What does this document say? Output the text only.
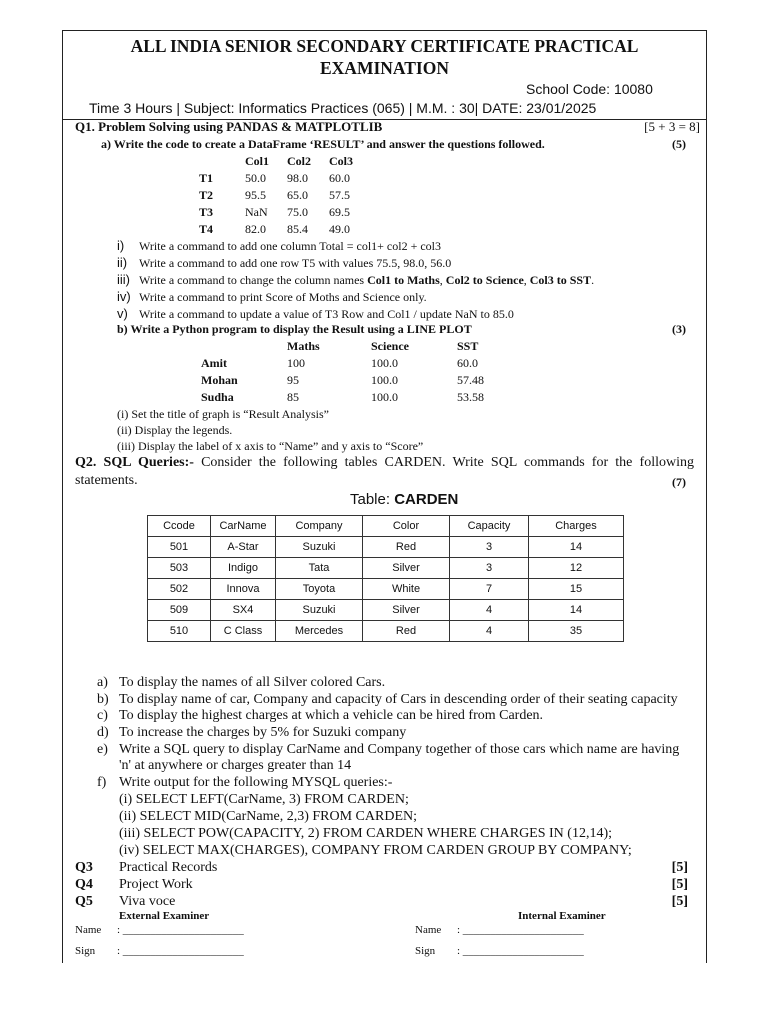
ALL INDIA SENIOR SECONDARY CERTIFICATE PRACTICAL
EXAMINATION
School Code: 10080
Time 3 Hours | Subject: Informatics Practices (065) | M.M. : 30| DATE: 23/01/2025
Q1. Problem Solving using PANDAS & MATPLOTLIB	[5 + 3 = 8]
a) Write the code to create a DataFrame ‘RESULT’ and answer the questions followed.	(5)
	Col1	Col2	Col3
T1	50.0	98.0	60.0
T2	95.5	65.0	57.5
T3	NaN	75.0	69.5
T4	82.0	85.4	49.0
i) Write a command to add one column Total = col1+ col2 + col3
ii) Write a command to add one row T5 with values 75.5, 98.0, 56.0
iii) Write a command to change the column names Col1 to Maths, Col2 to Science, Col3 to SST.
iv) Write a command to print Score of Moths and Science only.
v) Write a command to update a value of T3 Row and Col1 / update NaN to 85.0
b) Write a Python program to display the Result using a LINE PLOT	(3)
	Maths	Science	SST
Amit	100	100.0	60.0
Mohan	95	100.0	57.48
Sudha	85	100.0	53.58
(i) Set the title of graph is “Result Analysis”
(ii) Display the legends.
(iii) Display the label of x axis to “Name” and y axis to “Score”
Q2. SQL Queries:- Consider the following tables CARDEN. Write SQL commands for the following
statements.	(7)
Table: CARDEN
Ccode	CarName	Company	Color	Capacity	Charges
501	A-Star	Suzuki	Red	3	14
503	Indigo	Tata	Silver	3	12
502	Innova	Toyota	White	7	15
509	SX4	Suzuki	Silver	4	14
510	C Class	Mercedes	Red	4	35
a) To display the names of all Silver colored Cars.
b) To display name of car, Company and capacity of Cars in descending order of their seating capacity
c) To display the highest charges at which a vehicle can be hired from Carden.
d) To increase the charges by 5% for Suzuki company
e) Write a SQL query to display CarName and Company together of those cars which name are having
'n' at anywhere or charges greater than 14
f) Write output for the following MYSQL queries:-
(i) SELECT LEFT(CarName, 3) FROM CARDEN;
(ii) SELECT MID(CarName, 2,3) FROM CARDEN;
(iii) SELECT POW(CAPACITY, 2) FROM CARDEN WHERE CHARGES IN (12,14);
(iv) SELECT MAX(CHARGES), COMPANY FROM CARDEN GROUP BY COMPANY;
Q3 Practical Records	[5]
Q4 Project Work	[5]
Q5 Viva voce	[5]
External Examiner	Internal Examiner
Name : ______________________	Name : ______________________
Sign : ______________________	Sign : ______________________
